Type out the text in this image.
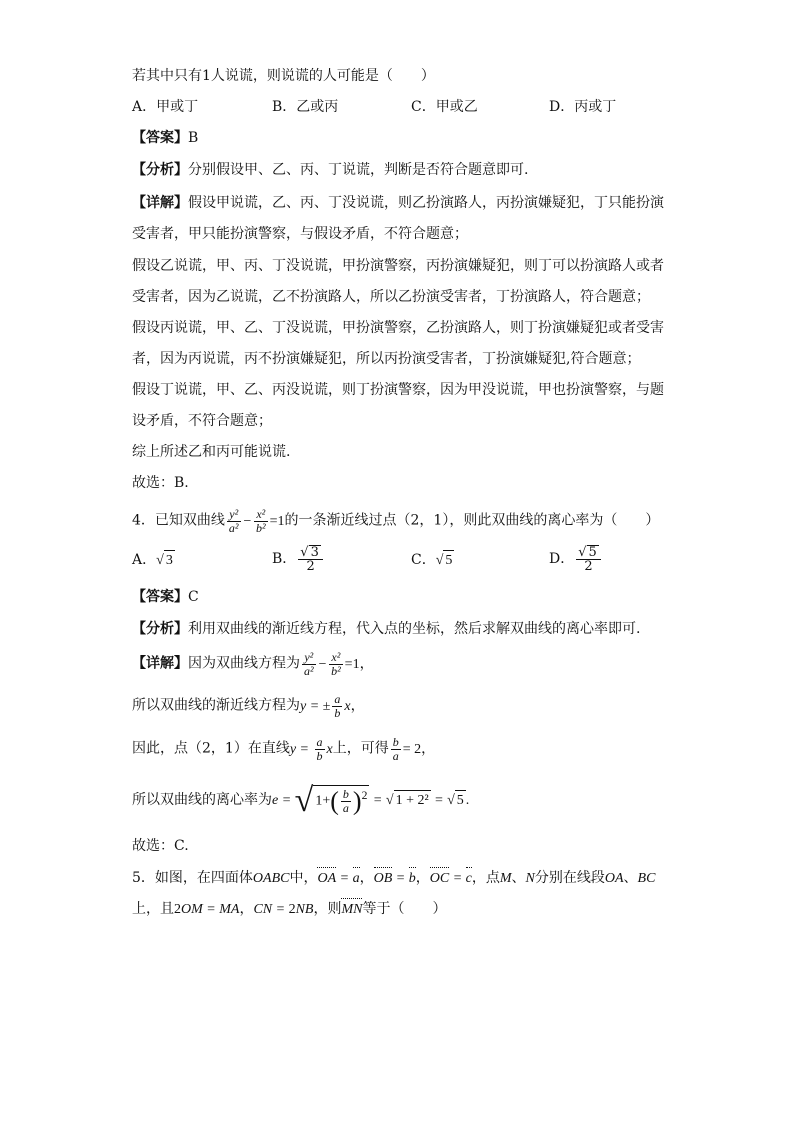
若其中只有1人说谎，则说谎的人可能是（　　）
A．甲或丁	B．乙或丙	C．甲或乙	D．丙或丁
【答案】B
【分析】分别假设甲、乙、丙、丁说谎，判断是否符合题意即可.
【详解】假设甲说谎，乙、丙、丁没说谎，则乙扮演路人，丙扮演嫌疑犯，丁只能扮演
受害者，甲只能扮演警察，与假设矛盾，不符合题意；
假设乙说谎，甲、丙、丁没说谎，甲扮演警察，丙扮演嫌疑犯，则丁可以扮演路人或者
受害者，因为乙说谎，乙不扮演路人，所以乙扮演受害者，丁扮演路人，符合题意；
假设丙说谎，甲、乙、丁没说谎，甲扮演警察，乙扮演路人，则丁扮演嫌疑犯或者受害
者，因为丙说谎，丙不扮演嫌疑犯，所以丙扮演受害者，丁扮演嫌疑犯,符合题意；
假设丁说谎，甲、乙、丙没说谎，则丁扮演警察，因为甲没说谎，甲也扮演警察，与题
设矛盾，不符合题意；
综上所述乙和丙可能说谎.
故选：B.
4．已知双曲线 $\frac{\text{y²}}{\text{a²}} - \frac{\text{x²}}{\text{b²}} =1$的一条渐近线过点（2，1），则此双曲线的离心率为（　　）
A．√ 3	B． $\frac{√ 3}{2}$	C．√ 5	D． $\frac{√ 5}{2}$
【答案】C
【分析】利用双曲线的渐近线方程，代入点的坐标，然后求解双曲线的离心率即可.
【详解】因为双曲线方程为 $\frac{\text{y²}}{\text{a²}} - \frac{\text{x²}}{\text{b²}} =1$，
所以双曲线的渐近线方程为y = ± $\frac{a}{b}$ x，
因此，点（2，1）在直线$y = \frac{a}{b}$ x上，可得 $\frac{b}{a} = 2$，
所以双曲线的离心率为e = √ $1+( \frac{b}{a} )^2$ = √ 1 + 2² = √ 5 .
故选：C.
5．如图，在四面体OABC中，OA = a，OB = b，OC = c，点M、N分别在线段OA、BC
上，且2OM = MA，CN = 2NB，则MN等于（　　）
